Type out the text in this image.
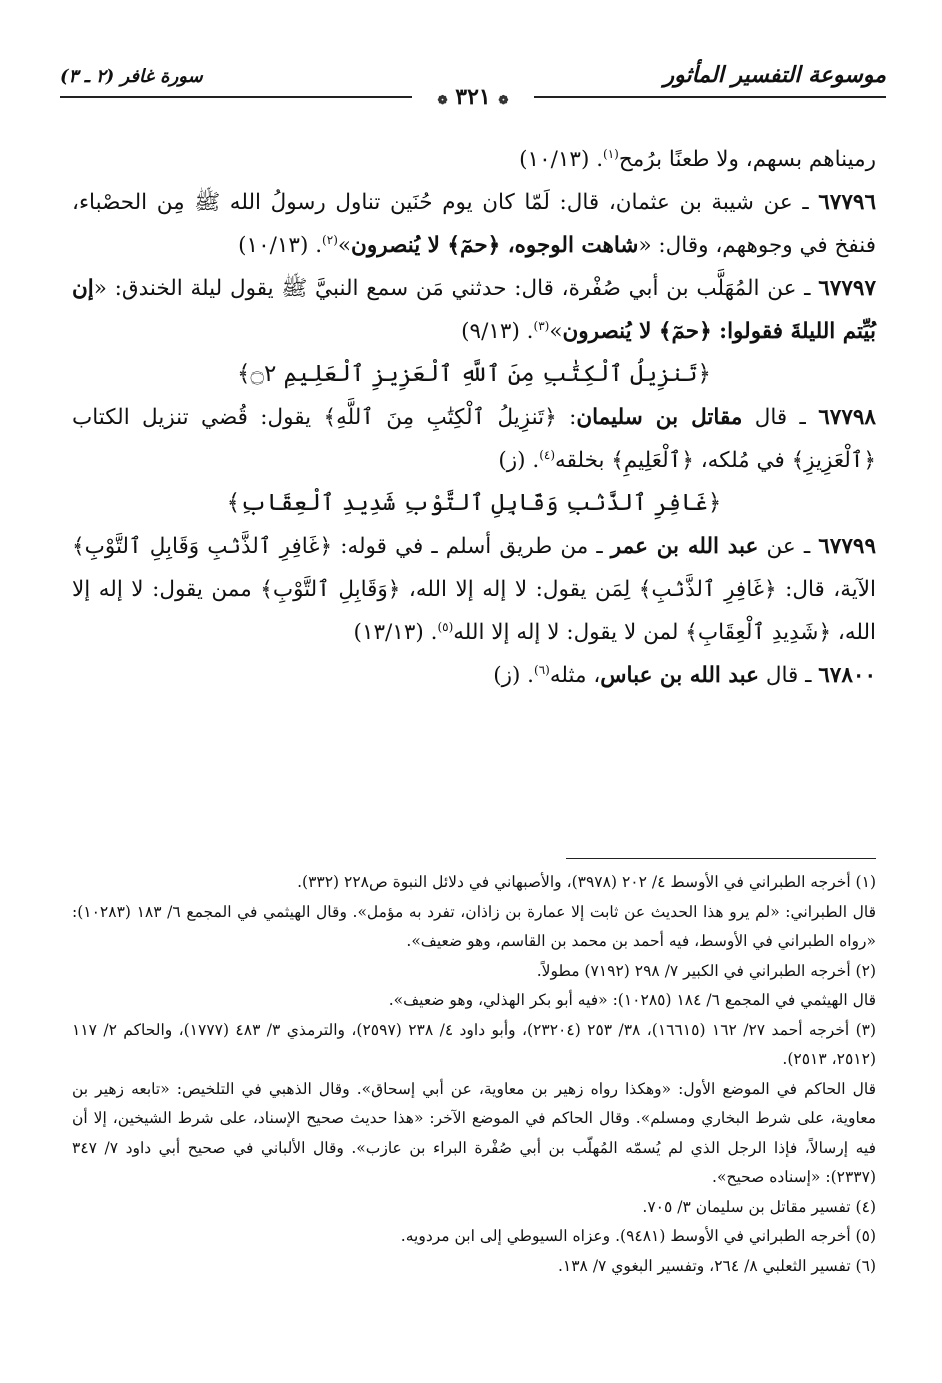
موسوعة التفسير المأثور
سورة غافر (٢ ـ ٣)
❁ ٣٢١ ❁

رميناهم بسهم، ولا طعنًا برُمح$^{(١)}$. (١٠/١٣)

٦٧٧٩٦ ـ عن شيبة بن عثمان، قال: لَمّا كان يوم حُنَين تناول رسولُ الله ﷺ مِن الحصْباء، فنفخ في وجوههم، وقال: «شاهت الوجوه، ﴿حمٓ﴾ لا يُنصرون»$^{(٢)}$. (١٠/١٣)

٦٧٧٩٧ ـ عن المُهَلَّب بن أبي صُفْرة، قال: حدثني مَن سمع النبيَّ ﷺ يقول ليلة الخندق: «إن بُيِّتم الليلةَ فقولوا: ﴿حمٓ﴾ لا يُنصرون»$^{(٣)}$. (٩/١٣)

﴿تَنزِيلُ ٱلْكِتَٰبِ مِنَ ٱللَّهِ ٱلْعَزِيزِ ٱلْعَلِيمِ ۝٢﴾

٦٧٧٩٨ ـ قال مقاتل بن سليمان: ﴿تَنزِيلُ ٱلْكِتَٰبِ مِنَ ٱللَّهِ﴾ يقول: قُضي تنزيل الكتاب ﴿ٱلْعَزِيزِ﴾ في مُلكه، ﴿ٱلْعَلِيمِ﴾ بخلقه$^{(٤)}$. (ز)

﴿غَافِرِ ٱلذَّنۢبِ وَقَابِلِ ٱلتَّوْبِ شَدِيدِ ٱلْعِقَابِ﴾

٦٧٧٩٩ ـ عن عبد الله بن عمر ـ من طريق أسلم ـ في قوله: ﴿غَافِرِ ٱلذَّنۢبِ وَقَابِلِ ٱلتَّوْبِ﴾ الآية، قال: ﴿غَافِرِ ٱلذَّنۢبِ﴾ لِمَن يقول: لا إله إلا الله، ﴿وَقَابِلِ ٱلتَّوْبِ﴾ ممن يقول: لا إله إلا الله، ﴿شَدِيدِ ٱلْعِقَابِ﴾ لمن لا يقول: لا إله إلا الله$^{(٥)}$. (١٣/١٣)

٦٧٨٠٠ ـ قال عبد الله بن عباس، مثله$^{(٦)}$. (ز)

(١) أخرجه الطبراني في الأوسط ٤/ ٢٠٢ (٣٩٧٨)، والأصبهاني في دلائل النبوة ص٢٢٨ (٣٣٢).

قال الطبراني: «لم يرو هذا الحديث عن ثابت إلا عمارة بن زاذان، تفرد به مؤمل». وقال الهيثمي في المجمع ٦/ ١٨٣ (١٠٢٨٣): «رواه الطبراني في الأوسط، فيه أحمد بن محمد بن القاسم، وهو ضعيف».

(٢) أخرجه الطبراني في الكبير ٧/ ٢٩٨ (٧١٩٢) مطولاً.

قال الهيثمي في المجمع ٦/ ١٨٤ (١٠٢٨٥): «فيه أبو بكر الهذلي، وهو ضعيف».

(٣) أخرجه أحمد ٢٧/ ١٦٢ (١٦٦١٥)، ٣٨/ ٢٥٣ (٢٣٢٠٤)، وأبو داود ٤/ ٢٣٨ (٢٥٩٧)، والترمذي ٣/ ٤٨٣ (١٧٧٧)، والحاكم ٢/ ١١٧ (٢٥١٢، ٢٥١٣).

قال الحاكم في الموضع الأول: «وهكذا رواه زهير بن معاوية، عن أبي إسحاق». وقال الذهبي في التلخيص: «تابعه زهير بن معاوية، على شرط البخاري ومسلم». وقال الحاكم في الموضع الآخر: «هذا حديث صحيح الإسناد، على شرط الشيخين، إلا أن فيه إرسالاً، فإذا الرجل الذي لم يُسمّه المُهلّب بن أبي صُفْرة البراء بن عازب». وقال الألباني في صحيح أبي داود ٧/ ٣٤٧ (٢٣٣٧): «إسناده صحيح».

(٤) تفسير مقاتل بن سليمان ٣/ ٧٠٥.

(٥) أخرجه الطبراني في الأوسط (٩٤٨١). وعزاه السيوطي إلى ابن مردويه.

(٦) تفسير الثعلبي ٨/ ٢٦٤، وتفسير البغوي ٧/ ١٣٨.
